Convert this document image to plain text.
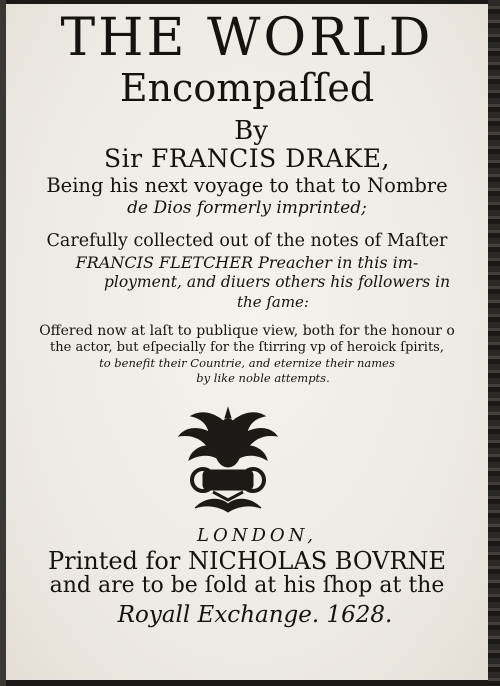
THE WORLD
Encompaſſed
By
Sir FRANCIS DRAKE,
Being his next voyage to that to Nombre
de Dios formerly imprinted;
Carefully collected out of the notes of Maſter
FRANCIS FLETCHER Preacher in this im-
ployment, and diuers others his followers in
the ſame:
Offered now at laſt to publique view, both for the honour o
the actor, but eſpecially for the ſtirring vp of heroick ſpirits,
to benefit their Countrie, and eternize their names
by like noble attempts.
LONDON,
Printed for NICHOLAS BOVRNE
and are to be ſold at his ſhop at the
Royall Exchange. 1628.
